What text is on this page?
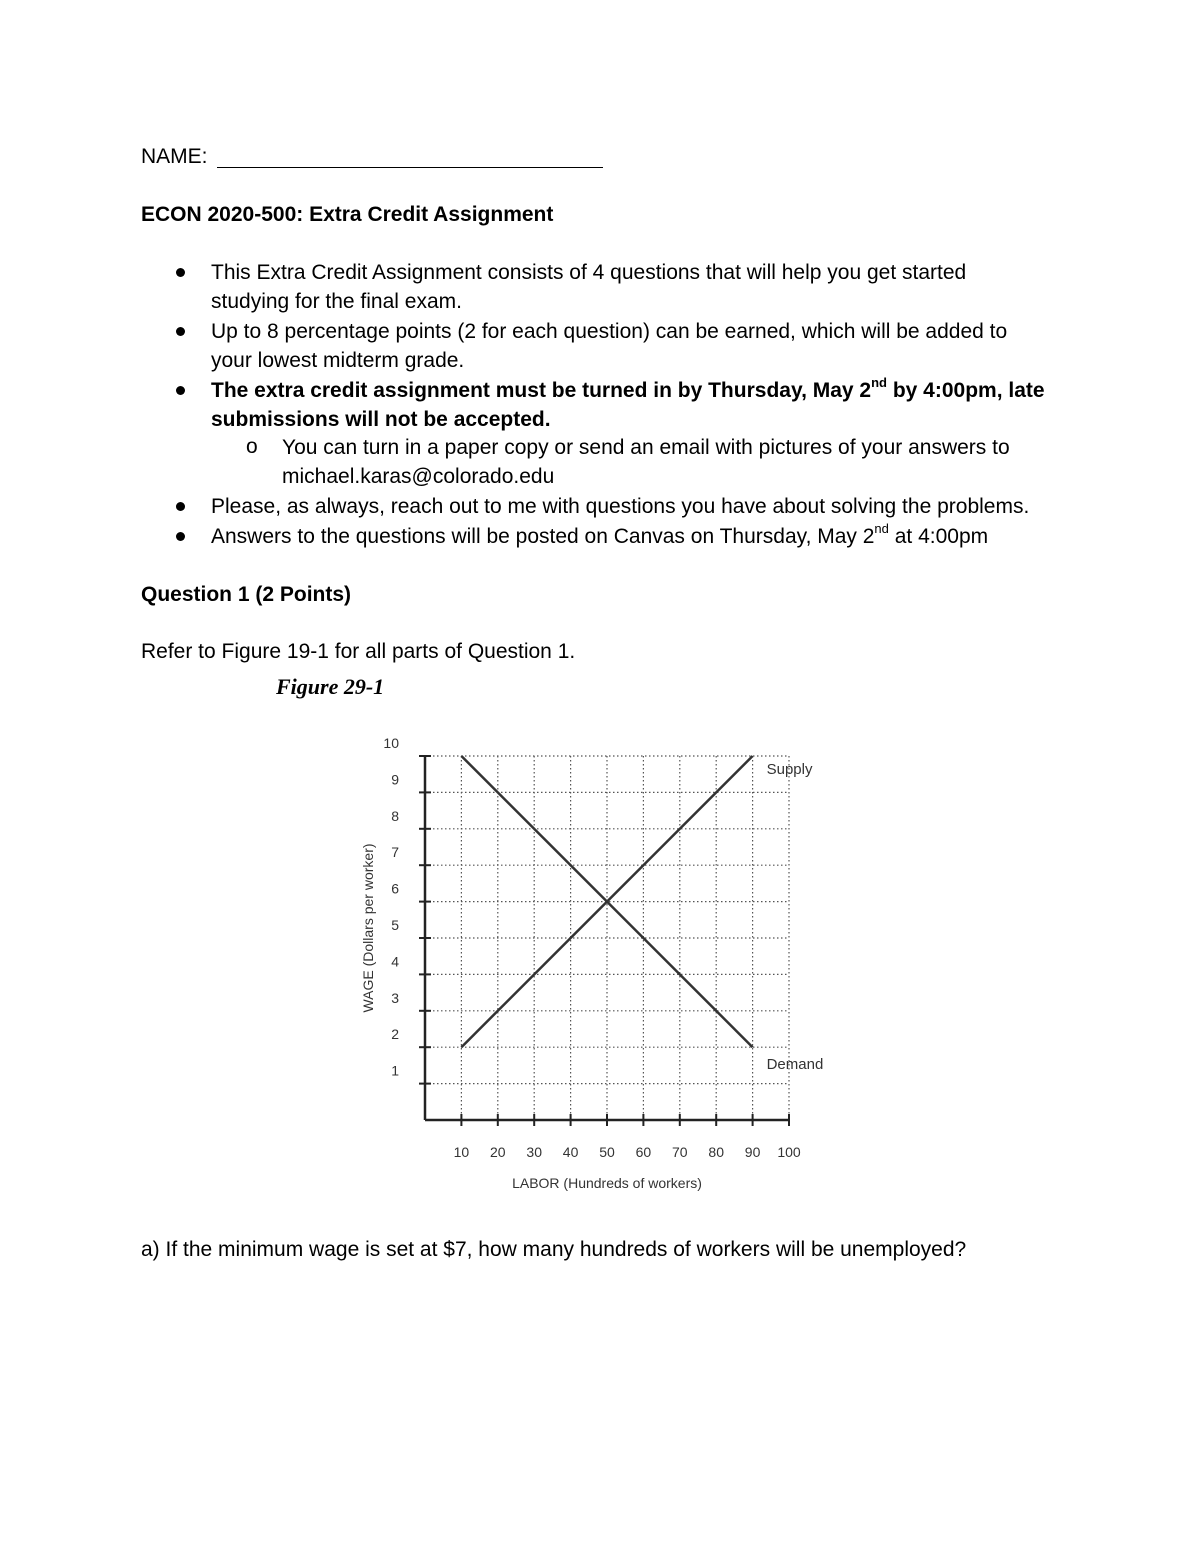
NAME:
ECON 2020-500: Extra Credit Assignment
This Extra Credit Assignment consists of 4 questions that will help you get started
studying for the final exam.
Up to 8 percentage points (2 for each question) can be earned, which will be added to
your lowest midterm grade.
The extra credit assignment must be turned in by Thursday, May 2nd by 4:00pm, late
submissions will not be accepted.
o You can turn in a paper copy or send an email with pictures of your answers to
michael.karas@colorado.edu
Please, as always, reach out to me with questions you have about solving the problems.
Answers to the questions will be posted on Canvas on Thursday, May 2nd at 4:00pm
Question 1 (2 Points)
Refer to Figure 19-1 for all parts of Question 1.
Figure 29-1
10 20 30 40 50 60 70 80 90 100
1
2
3
4
5
6
7
8
9
10
Supply
Demand
LABOR (Hundreds of workers)
WAGE (Dollars per worker)
a) If the minimum wage is set at $7, how many hundreds of workers will be unemployed?
